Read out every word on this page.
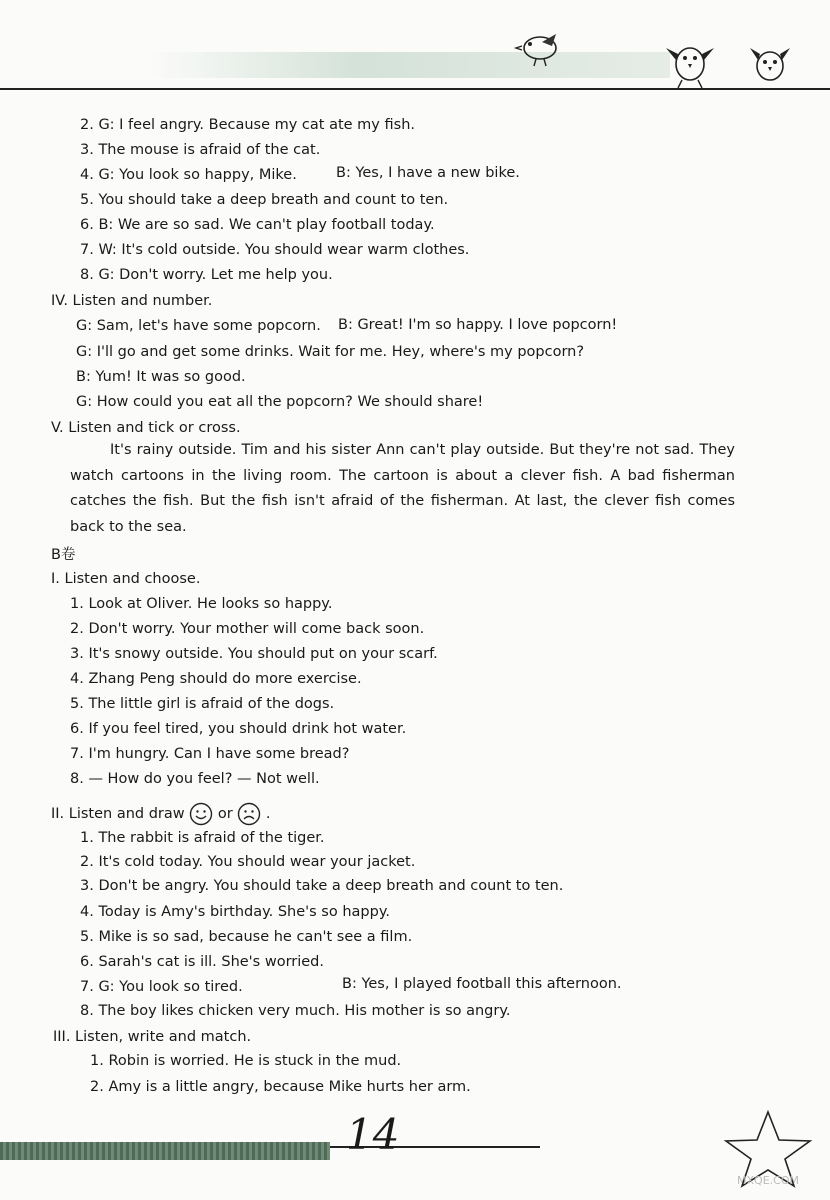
2. G: I feel angry. Because my cat ate my fish.
3. The mouse is afraid of the cat.
4. G: You look so happy, Mike.	B: Yes, I have a new bike.
5. You should take a deep breath and count to ten.
6. B: We are so sad. We can't play football today.
7. W: It's cold outside. You should wear warm clothes.
8. G: Don't worry. Let me help you.
IV. Listen and number.
G: Sam, let's have some popcorn. B: Great! I'm so happy. I love popcorn!
G: I'll go and get some drinks. Wait for me. Hey, where's my popcorn?
B: Yum! It was so good.
G: How could you eat all the popcorn? We should share!
V. Listen and tick or cross.
It's rainy outside. Tim and his sister Ann can't play outside. But they're not sad. They watch cartoons in the living room. The cartoon is about a clever fish. A bad fisherman catches the fish. But the fish isn't afraid of the fisherman. At last, the clever fish comes back to the sea.
B卷
I. Listen and choose.
1. Look at Oliver. He looks so happy.
2. Don't worry. Your mother will come back soon.
3. It's snowy outside. You should put on your scarf.
4. Zhang Peng should do more exercise.
5. The little girl is afraid of the dogs.
6. If you feel tired, you should drink hot water.
7. I'm hungry. Can I have some bread?
8. — How do you feel? — Not well.
II. Listen and draw or .
1. The rabbit is afraid of the tiger.
2. It's cold today. You should wear your jacket.
3. Don't be angry. You should take a deep breath and count to ten.
4. Today is Amy's birthday. She's so happy.
5. Mike is so sad, because he can't see a film.
6. Sarah's cat is ill. She's worried.
7. G: You look so tired.	B: Yes, I played football this afternoon.
8. The boy likes chicken very much. His mother is so angry.
III. Listen, write and match.
1. Robin is worried. He is stuck in the mud.
2. Amy is a little angry, because Mike hurts her arm.
14
MXQE.COM
